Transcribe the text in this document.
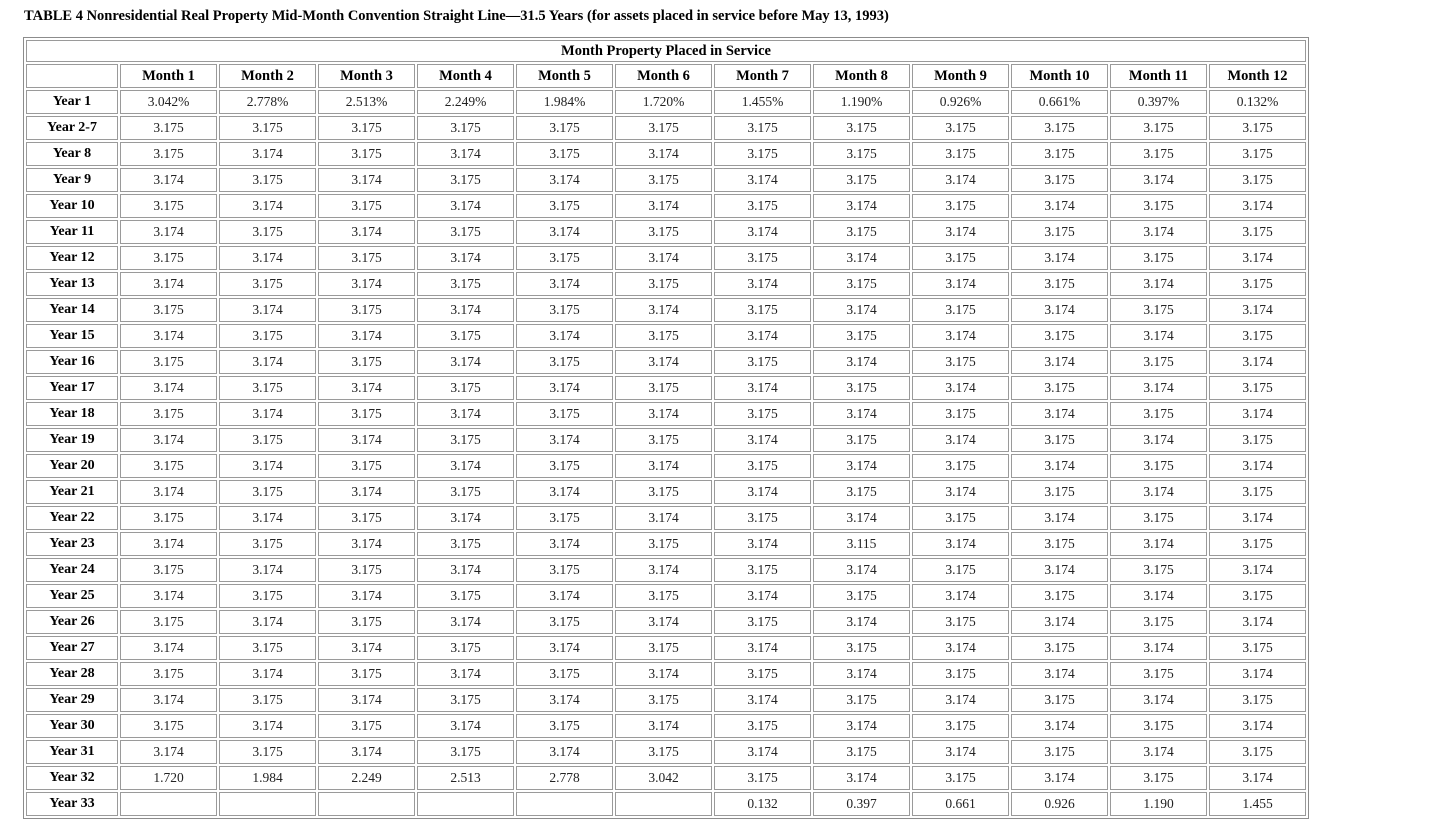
TABLE 4 Nonresidential Real Property Mid-Month Convention Straight Line—31.5 Years (for assets placed in service before May 13, 1993)
Month Property Placed in Service												
	Month 1	Month 2	Month 3	Month 4	Month 5	Month 6	Month 7	Month 8	Month 9	Month 10	Month 11	Month 12
Year 1	3.042%	2.778%	2.513%	2.249%	1.984%	1.720%	1.455%	1.190%	0.926%	0.661%	0.397%	0.132%
Year 2-7	3.175	3.175	3.175	3.175	3.175	3.175	3.175	3.175	3.175	3.175	3.175	3.175
Year 8	3.175	3.174	3.175	3.174	3.175	3.174	3.175	3.175	3.175	3.175	3.175	3.175
Year 9	3.174	3.175	3.174	3.175	3.174	3.175	3.174	3.175	3.174	3.175	3.174	3.175
Year 10	3.175	3.174	3.175	3.174	3.175	3.174	3.175	3.174	3.175	3.174	3.175	3.174
Year 11	3.174	3.175	3.174	3.175	3.174	3.175	3.174	3.175	3.174	3.175	3.174	3.175
Year 12	3.175	3.174	3.175	3.174	3.175	3.174	3.175	3.174	3.175	3.174	3.175	3.174
Year 13	3.174	3.175	3.174	3.175	3.174	3.175	3.174	3.175	3.174	3.175	3.174	3.175
Year 14	3.175	3.174	3.175	3.174	3.175	3.174	3.175	3.174	3.175	3.174	3.175	3.174
Year 15	3.174	3.175	3.174	3.175	3.174	3.175	3.174	3.175	3.174	3.175	3.174	3.175
Year 16	3.175	3.174	3.175	3.174	3.175	3.174	3.175	3.174	3.175	3.174	3.175	3.174
Year 17	3.174	3.175	3.174	3.175	3.174	3.175	3.174	3.175	3.174	3.175	3.174	3.175
Year 18	3.175	3.174	3.175	3.174	3.175	3.174	3.175	3.174	3.175	3.174	3.175	3.174
Year 19	3.174	3.175	3.174	3.175	3.174	3.175	3.174	3.175	3.174	3.175	3.174	3.175
Year 20	3.175	3.174	3.175	3.174	3.175	3.174	3.175	3.174	3.175	3.174	3.175	3.174
Year 21	3.174	3.175	3.174	3.175	3.174	3.175	3.174	3.175	3.174	3.175	3.174	3.175
Year 22	3.175	3.174	3.175	3.174	3.175	3.174	3.175	3.174	3.175	3.174	3.175	3.174
Year 23	3.174	3.175	3.174	3.175	3.174	3.175	3.174	3.115	3.174	3.175	3.174	3.175
Year 24	3.175	3.174	3.175	3.174	3.175	3.174	3.175	3.174	3.175	3.174	3.175	3.174
Year 25	3.174	3.175	3.174	3.175	3.174	3.175	3.174	3.175	3.174	3.175	3.174	3.175
Year 26	3.175	3.174	3.175	3.174	3.175	3.174	3.175	3.174	3.175	3.174	3.175	3.174
Year 27	3.174	3.175	3.174	3.175	3.174	3.175	3.174	3.175	3.174	3.175	3.174	3.175
Year 28	3.175	3.174	3.175	3.174	3.175	3.174	3.175	3.174	3.175	3.174	3.175	3.174
Year 29	3.174	3.175	3.174	3.175	3.174	3.175	3.174	3.175	3.174	3.175	3.174	3.175
Year 30	3.175	3.174	3.175	3.174	3.175	3.174	3.175	3.174	3.175	3.174	3.175	3.174
Year 31	3.174	3.175	3.174	3.175	3.174	3.175	3.174	3.175	3.174	3.175	3.174	3.175
Year 32	1.720	1.984	2.249	2.513	2.778	3.042	3.175	3.174	3.175	3.174	3.175	3.174
Year 33							0.132	0.397	0.661	0.926	1.190	1.455
